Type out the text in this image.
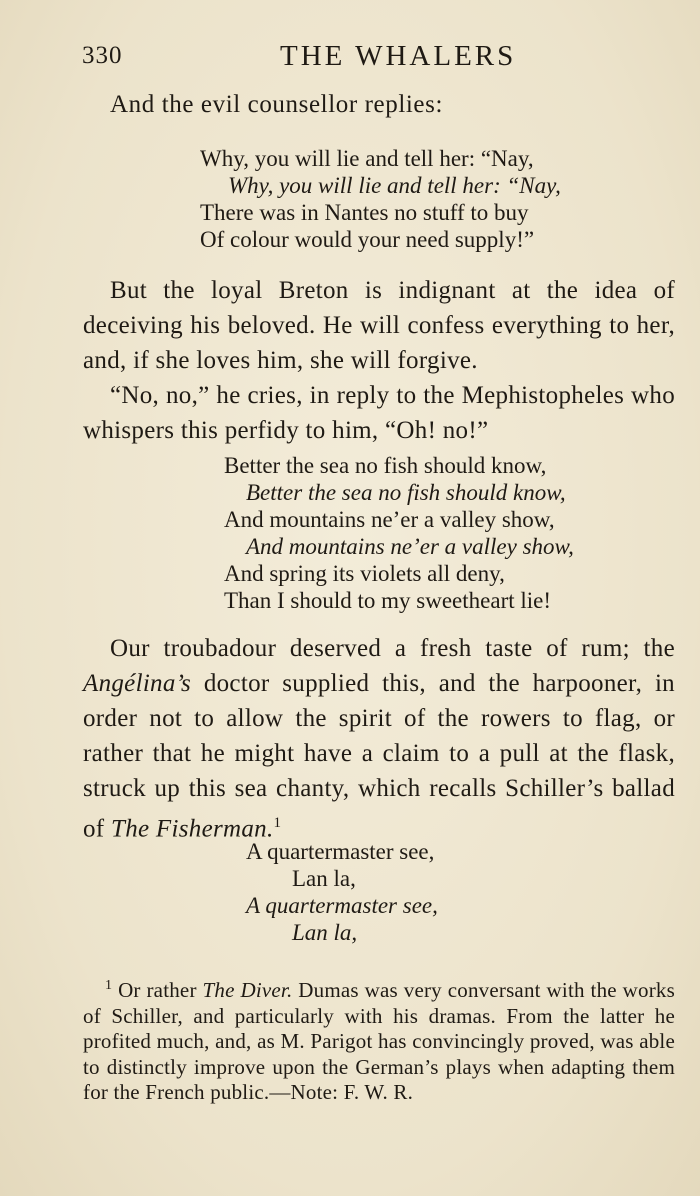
330	THE WHALERS
And the evil counsellor replies:
Why, you will lie and tell her: “Nay,
Why, you will lie and tell her: “Nay,
There was in Nantes no stuff to buy
Of colour would your need supply!”

But the loyal Breton is indignant at the idea of deceiving his beloved. He will confess everything to her, and, if she loves him, she will forgive.

“No, no,” he cries, in reply to the Mephistopheles who whispers this perfidy to him, “Oh! no!”

Better the sea no fish should know,
Better the sea no fish should know,
And mountains ne’er a valley show,
And mountains ne’er a valley show,
And spring its violets all deny,
Than I should to my sweetheart lie!

Our troubadour deserved a fresh taste of rum; the Angélina’s doctor supplied this, and the harpooner, in order not to allow the spirit of the rowers to flag, or rather that he might have a claim to a pull at the flask, struck up this sea chanty, which recalls Schiller’s ballad of The Fisherman.$^1$

A quartermaster see,
Lan la,
A quartermaster see,
Lan la,

$^1$ Or rather The Diver. Dumas was very conversant with the works of Schiller, and particularly with his dramas. From the latter he profited much, and, as M. Parigot has convincingly proved, was able to distinctly improve upon the German’s plays when adapting them for the French public.—Note: F. W. R.
